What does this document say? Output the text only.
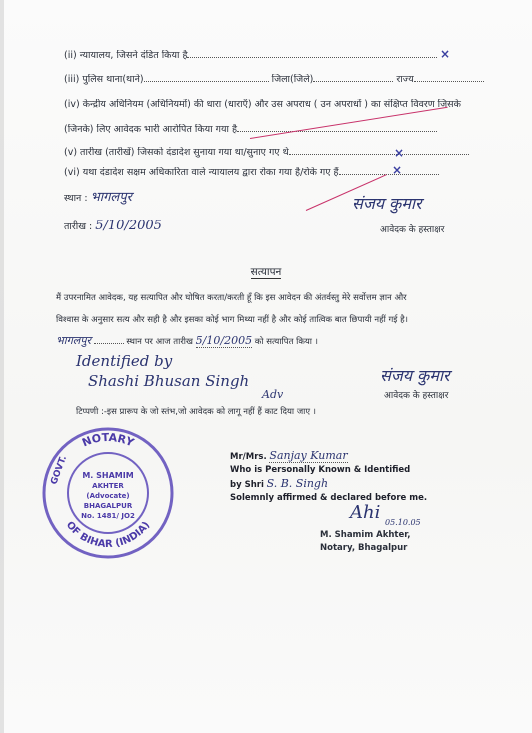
(ii) न्यायालय, जिसने दंडित किया है	×
(iii) पुलिस थाना(थाने)	जिला(जिले)	राज्य
(iv) केन्द्रीय अधिनियम (अधिनियमों) की धारा (धाराएँ) और उस अपराध ( उन अपराधों ) का संक्षिप्त विवरण जिसके
(जिनके) लिए आवेदक भारी आरोपित किया गया है
(v) तारीख (तारीखें) जिसको दंडादेश सुनाया गया था/सुनाए गए थे	×
(vi) यथा दंडादेश सक्षम अधिकारिता वाले न्यायालय द्वारा रोका गया है/रोके गए हैं	×
स्थान : भागलपुर
तारीख : 5/10/2005
संजय कुमार
आवेदक के हस्ताक्षर
सत्यापन
मैं उपरनामित आवेदक, यह सत्यापित और घोषित करता/करती हूँ कि इस आवेदन की अंतर्वस्तु मेरे सर्वोत्तम ज्ञान और
विश्वास के अनुसार सत्य और सही है और इसका कोई भाग मिथ्या नहीं है और कोई तात्विक बात छिपायी नहीं गई है।
भागलपुर	स्थान पर आज तारीख 5/10/2005 को सत्यापित किया ।
Identified by
Shashi Bhusan Singh
Adv
संजय कुमार
आवेदक के हस्ताक्षर
टिप्पणी :-इस प्रारूप के जो स्तंभ,जो आवेदक को लागू नहीं हैं काट दिया जाए ।
NOTARY
OF BIHAR (INDIA)
M. SHAMIM
AKHTER
(Advocate)
BHAGALPUR
No. 1481/ JO2
GOVT.	Mr/Mrs. Sanjay Kumar
Who is Personally Known & Identified
by Shri S. B. Singh
Solemnly affirmed & declared before me.
Ahi 05.10.05
M. Shamim Akhter,
Notary, Bhagalpur
